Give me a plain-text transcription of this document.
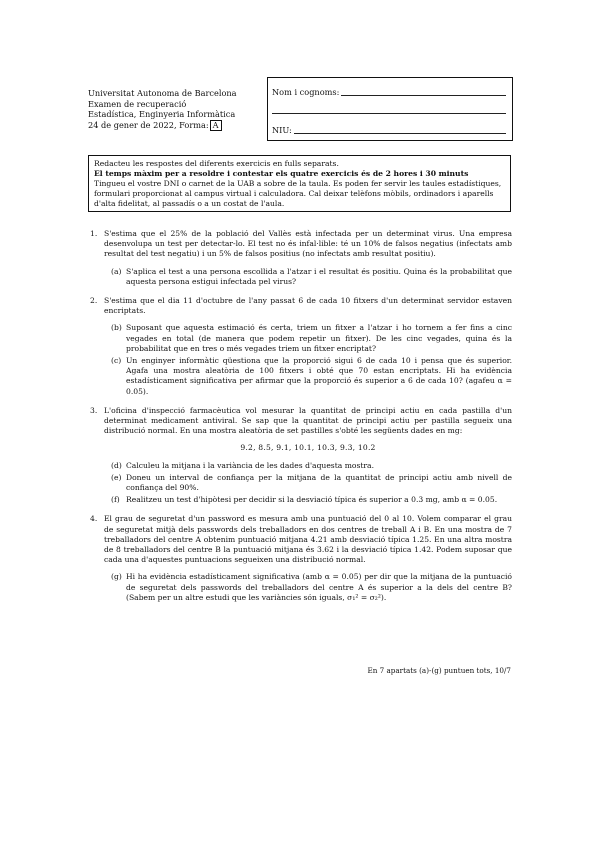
Universitat Autonoma de Barcelona
Examen de recuperació
Estadística, Enginyeria Informàtica
24 de gener de 2022, Forma: A
Nom i cognoms:
NIU:
Redacteu les respostes del diferents exercicis en fulls separats.
El temps màxim per a resoldre i contestar els quatre exercicis és de 2 hores i 30 minuts
Tingueu el vostre DNI o carnet de la UAB a sobre de la taula. Es poden fer servir les taules estadístiques, formulari proporcionat al campus virtual i calculadora. Cal deixar telèfons mòbils, ordinadors i aparells d'alta fidelitat, al passadís o a un costat de l'aula.
1. S'estima que el 25% de la població del Vallès està infectada per un determinat virus. Una empresa desenvolupa un test per detectar-lo. El test no és infal·lible: té un 10% de falsos negatius (infectats amb resultat del test negatiu) i un 5% de falsos positius (no infectats amb resultat positiu).
(a) S'aplica el test a una persona escollida a l'atzar i el resultat és positiu. Quina és la probabilitat que aquesta persona estigui infectada pel virus?
2. S'estima que el dia 11 d'octubre de l'any passat 6 de cada 10 fitxers d'un determinat servidor estaven encriptats.
(b) Suposant que aquesta estimació és certa, triem un fitxer a l'atzar i ho tornem a fer fins a cinc vegades en total (de manera que podem repetir un fitxer). De les cinc vegades, quina és la probabilitat que en tres o més vegades triem un fitxer encriptat?
(c) Un enginyer informàtic qüestiona que la proporció sigui 6 de cada 10 i pensa que és superior. Agafa una mostra aleatòria de 100 fitxers i obté que 70 estan encriptats. Hi ha evidència estadísticament significativa per afirmar que la proporció és superior a 6 de cada 10? (agafeu α = 0.05).
3. L'oficina d'inspecció farmacèutica vol mesurar la quantitat de principi actiu en cada pastilla d'un determinat medicament antiviral. Se sap que la quantitat de principi actiu per pastilla segueix una distribució normal. En una mostra aleatòria de set pastilles s'obté les següents dades en mg:
9.2, 8.5, 9.1, 10.1, 10.3, 9.3, 10.2
(d) Calculeu la mitjana i la variància de les dades d'aquesta mostra.
(e) Doneu un interval de confiança per la mitjana de la quantitat de principi actiu amb nivell de confiança del 90%.
(f) Realitzeu un test d'hipòtesi per decidir si la desviació típica és superior a 0.3 mg, amb α = 0.05.
4. El grau de seguretat d'un password es mesura amb una puntuació del 0 al 10. Volem comparar el grau de seguretat mitjà dels passwords dels treballadors en dos centres de treball A i B. En una mostra de 7 treballadors del centre A obtenim puntuació mitjana 4.21 amb desviació típica 1.25. En una altra mostra de 8 treballadors del centre B la puntuació mitjana és 3.62 i la desviació típica 1.42. Podem suposar que cada una d'aquestes puntuacions segueixen una distribució normal.
(g) Hi ha evidència estadísticament significativa (amb α = 0.05) per dir que la mitjana de la puntuació de seguretat dels passwords del treballadors del centre A és superior a la dels del centre B? (Sabem per un altre estudi que les variàncies són iguals, σ₁² = σ₂²).
En 7 apartats (a)-(g) puntuen tots, 10/7
